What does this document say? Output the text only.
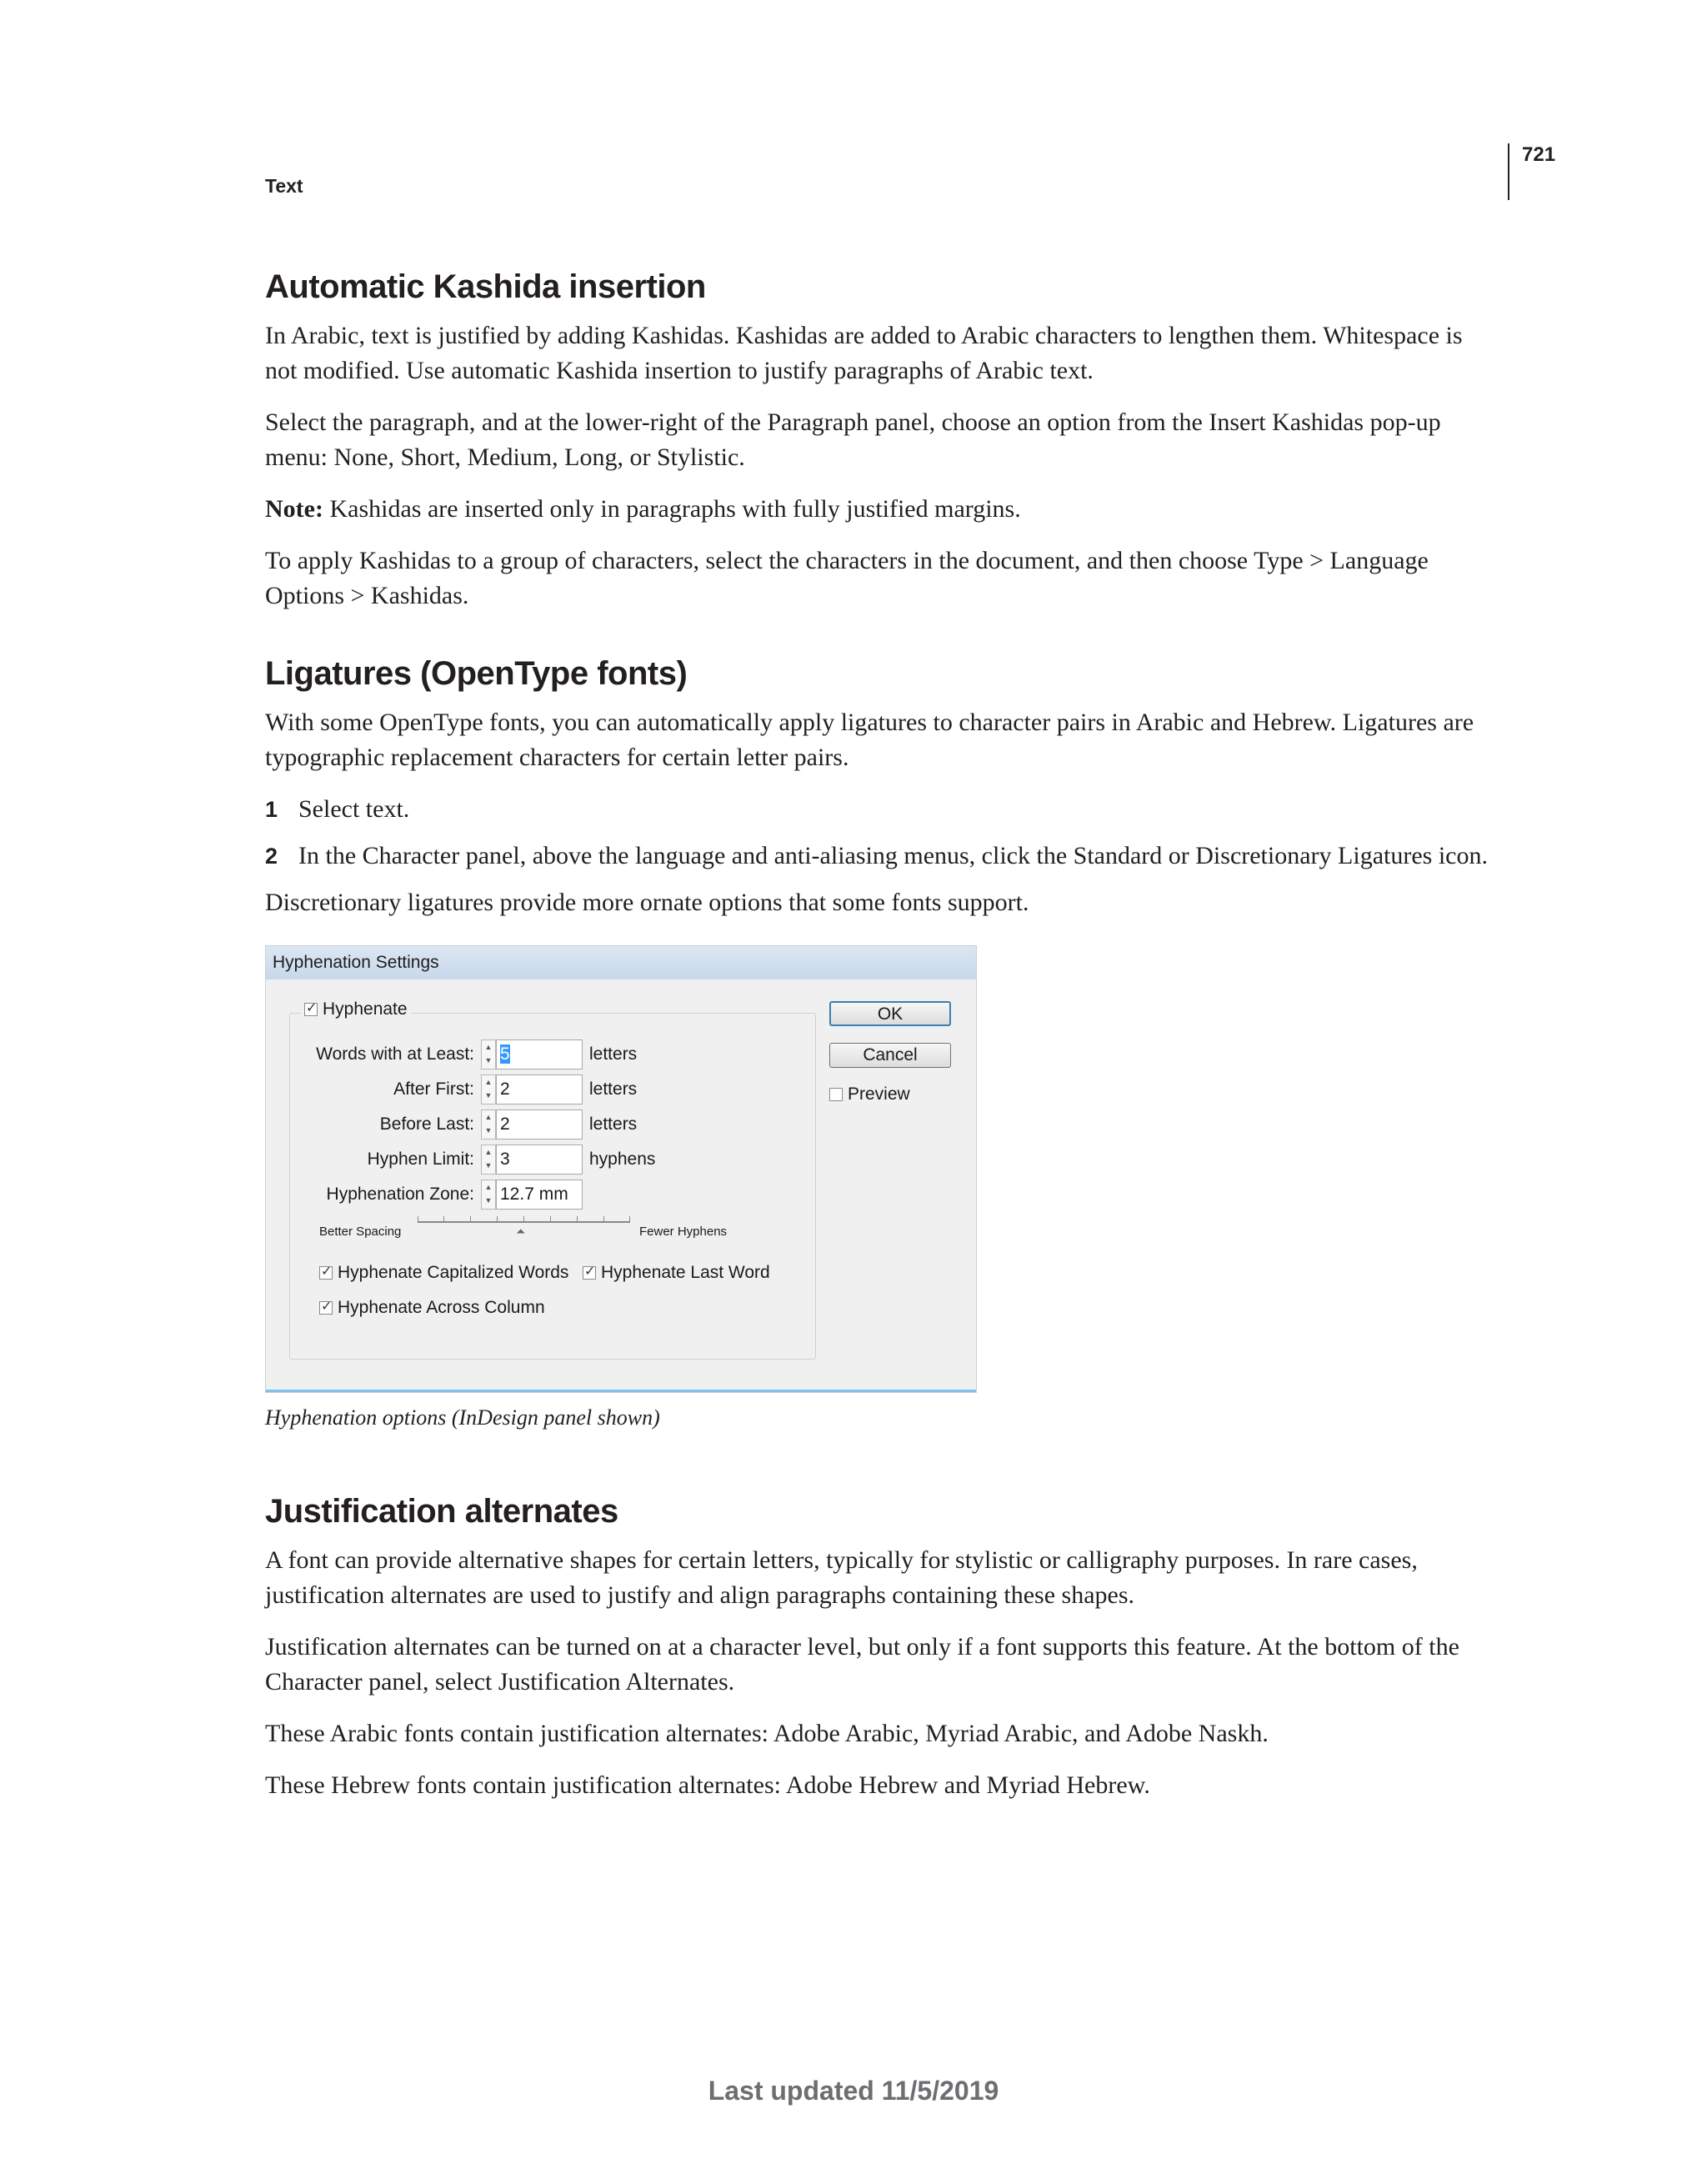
721
Text
Automatic Kashida insertion

In Arabic, text is justified by adding Kashidas. Kashidas are added to Arabic characters to lengthen them. Whitespace is not modified. Use automatic Kashida insertion to justify paragraphs of Arabic text.

Select the paragraph, and at the lower-right of the Paragraph panel, choose an option from the Insert Kashidas pop-up menu: None, Short, Medium, Long, or Stylistic.

Note: Kashidas are inserted only in paragraphs with fully justified margins.

To apply Kashidas to a group of characters, select the characters in the document, and then choose Type > Language Options > Kashidas.

Ligatures (OpenType fonts)

With some OpenType fonts, you can automatically apply ligatures to character pairs in Arabic and Hebrew. Ligatures are typographic replacement characters for certain letter pairs.

1 Select text.
2 In the Character panel, above the language and anti-aliasing menus, click the Standard or Discretionary Ligatures icon.

Discretionary ligatures provide more ornate options that some fonts support.

Hyphenation Settings
✓Hyphenate
Words with at Least:	▲
▼ 5	letters
After First:	▲
▼ 2	letters
Before Last:	▲
▼ 2	letters
Hyphen Limit:	▲
▼ 3	hyphens
Hyphenation Zone:	▲
▼ 12.7 mm
Better Spacing	⏶	Fewer Hyphens
✓Hyphenate Capitalized Words
✓	Hyphenate Last Word
✓Hyphenate Across Column
OK
Cancel
Preview

Hyphenation options (InDesign panel shown)

Justification alternates

A font can provide alternative shapes for certain letters, typically for stylistic or calligraphy purposes. In rare cases, justification alternates are used to justify and align paragraphs containing these shapes.

Justification alternates can be turned on at a character level, but only if a font supports this feature. At the bottom of the Character panel, select Justification Alternates.

These Arabic fonts contain justification alternates: Adobe Arabic, Myriad Arabic, and Adobe Naskh.

These Hebrew fonts contain justification alternates: Adobe Hebrew and Myriad Hebrew.

Last updated 11/5/2019
